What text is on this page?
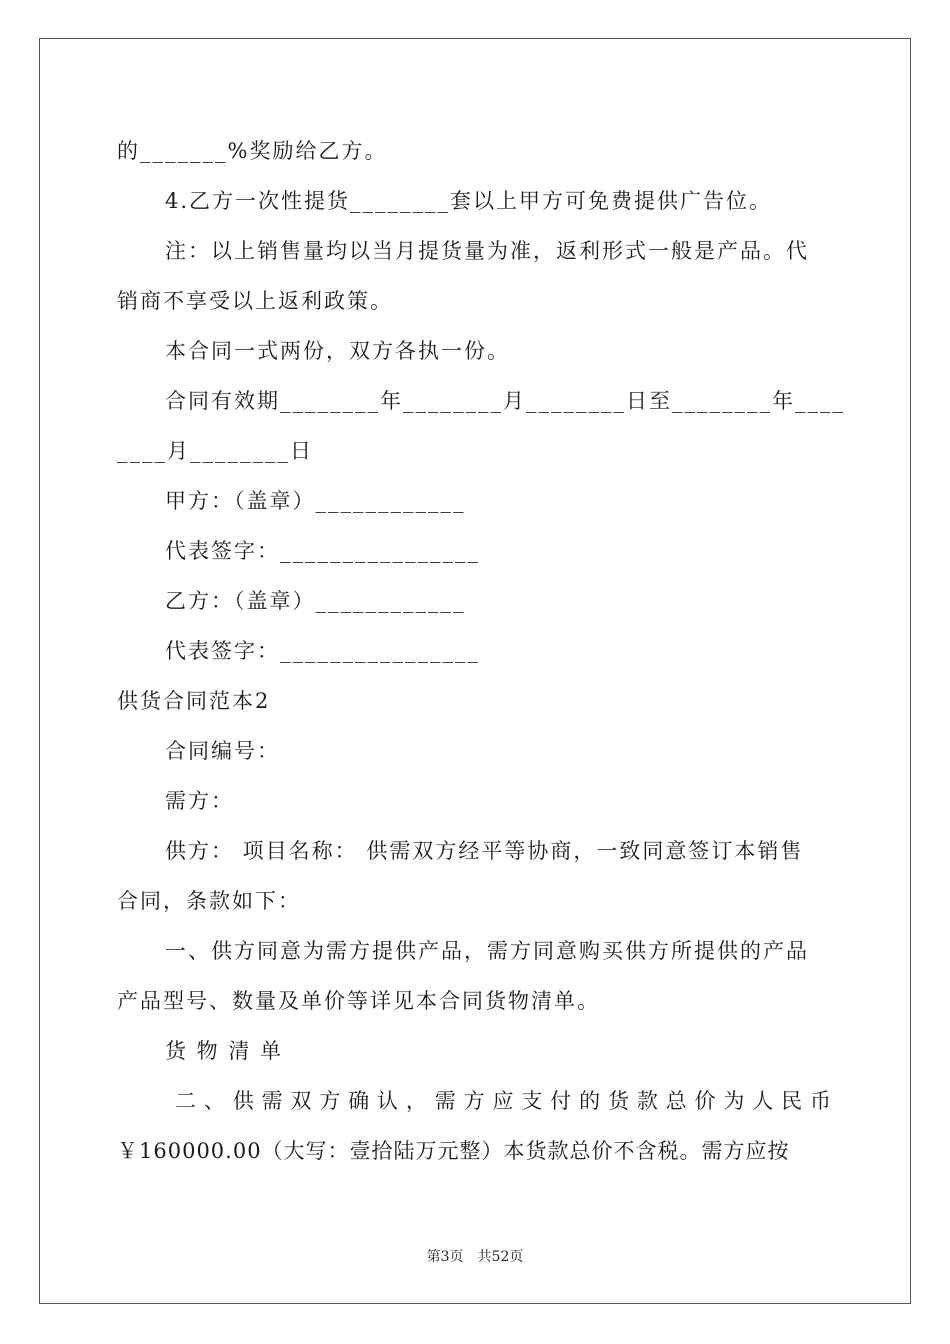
的_______%奖励给乙方。
4.乙方一次性提货________套以上甲方可免费提供广告位。
注：以上销售量均以当月提货量为准，返利形式一般是产品。代
销商不享受以上返利政策。
本合同一式两份，双方各执一份。
合同有效期________年________月________日至________年____
____月________日
甲方：（盖章）____________
代表签字：________________
乙方：（盖章）____________
代表签字：________________
供货合同范本2
合同编号：
需方：
供方： 项目名称： 供需双方经平等协商，一致同意签订本销售
合同，条款如下：
一、供方同意为需方提供产品，需方同意购买供方所提供的产品
产品型号、数量及单价等详见本合同货物清单。
货 物 清 单
二、供需双方确认，需方应支付的货款总价为人民币
￥160000.00（大写：壹拾陆万元整）本货款总价不含税。需方应按
第3页　共52页
